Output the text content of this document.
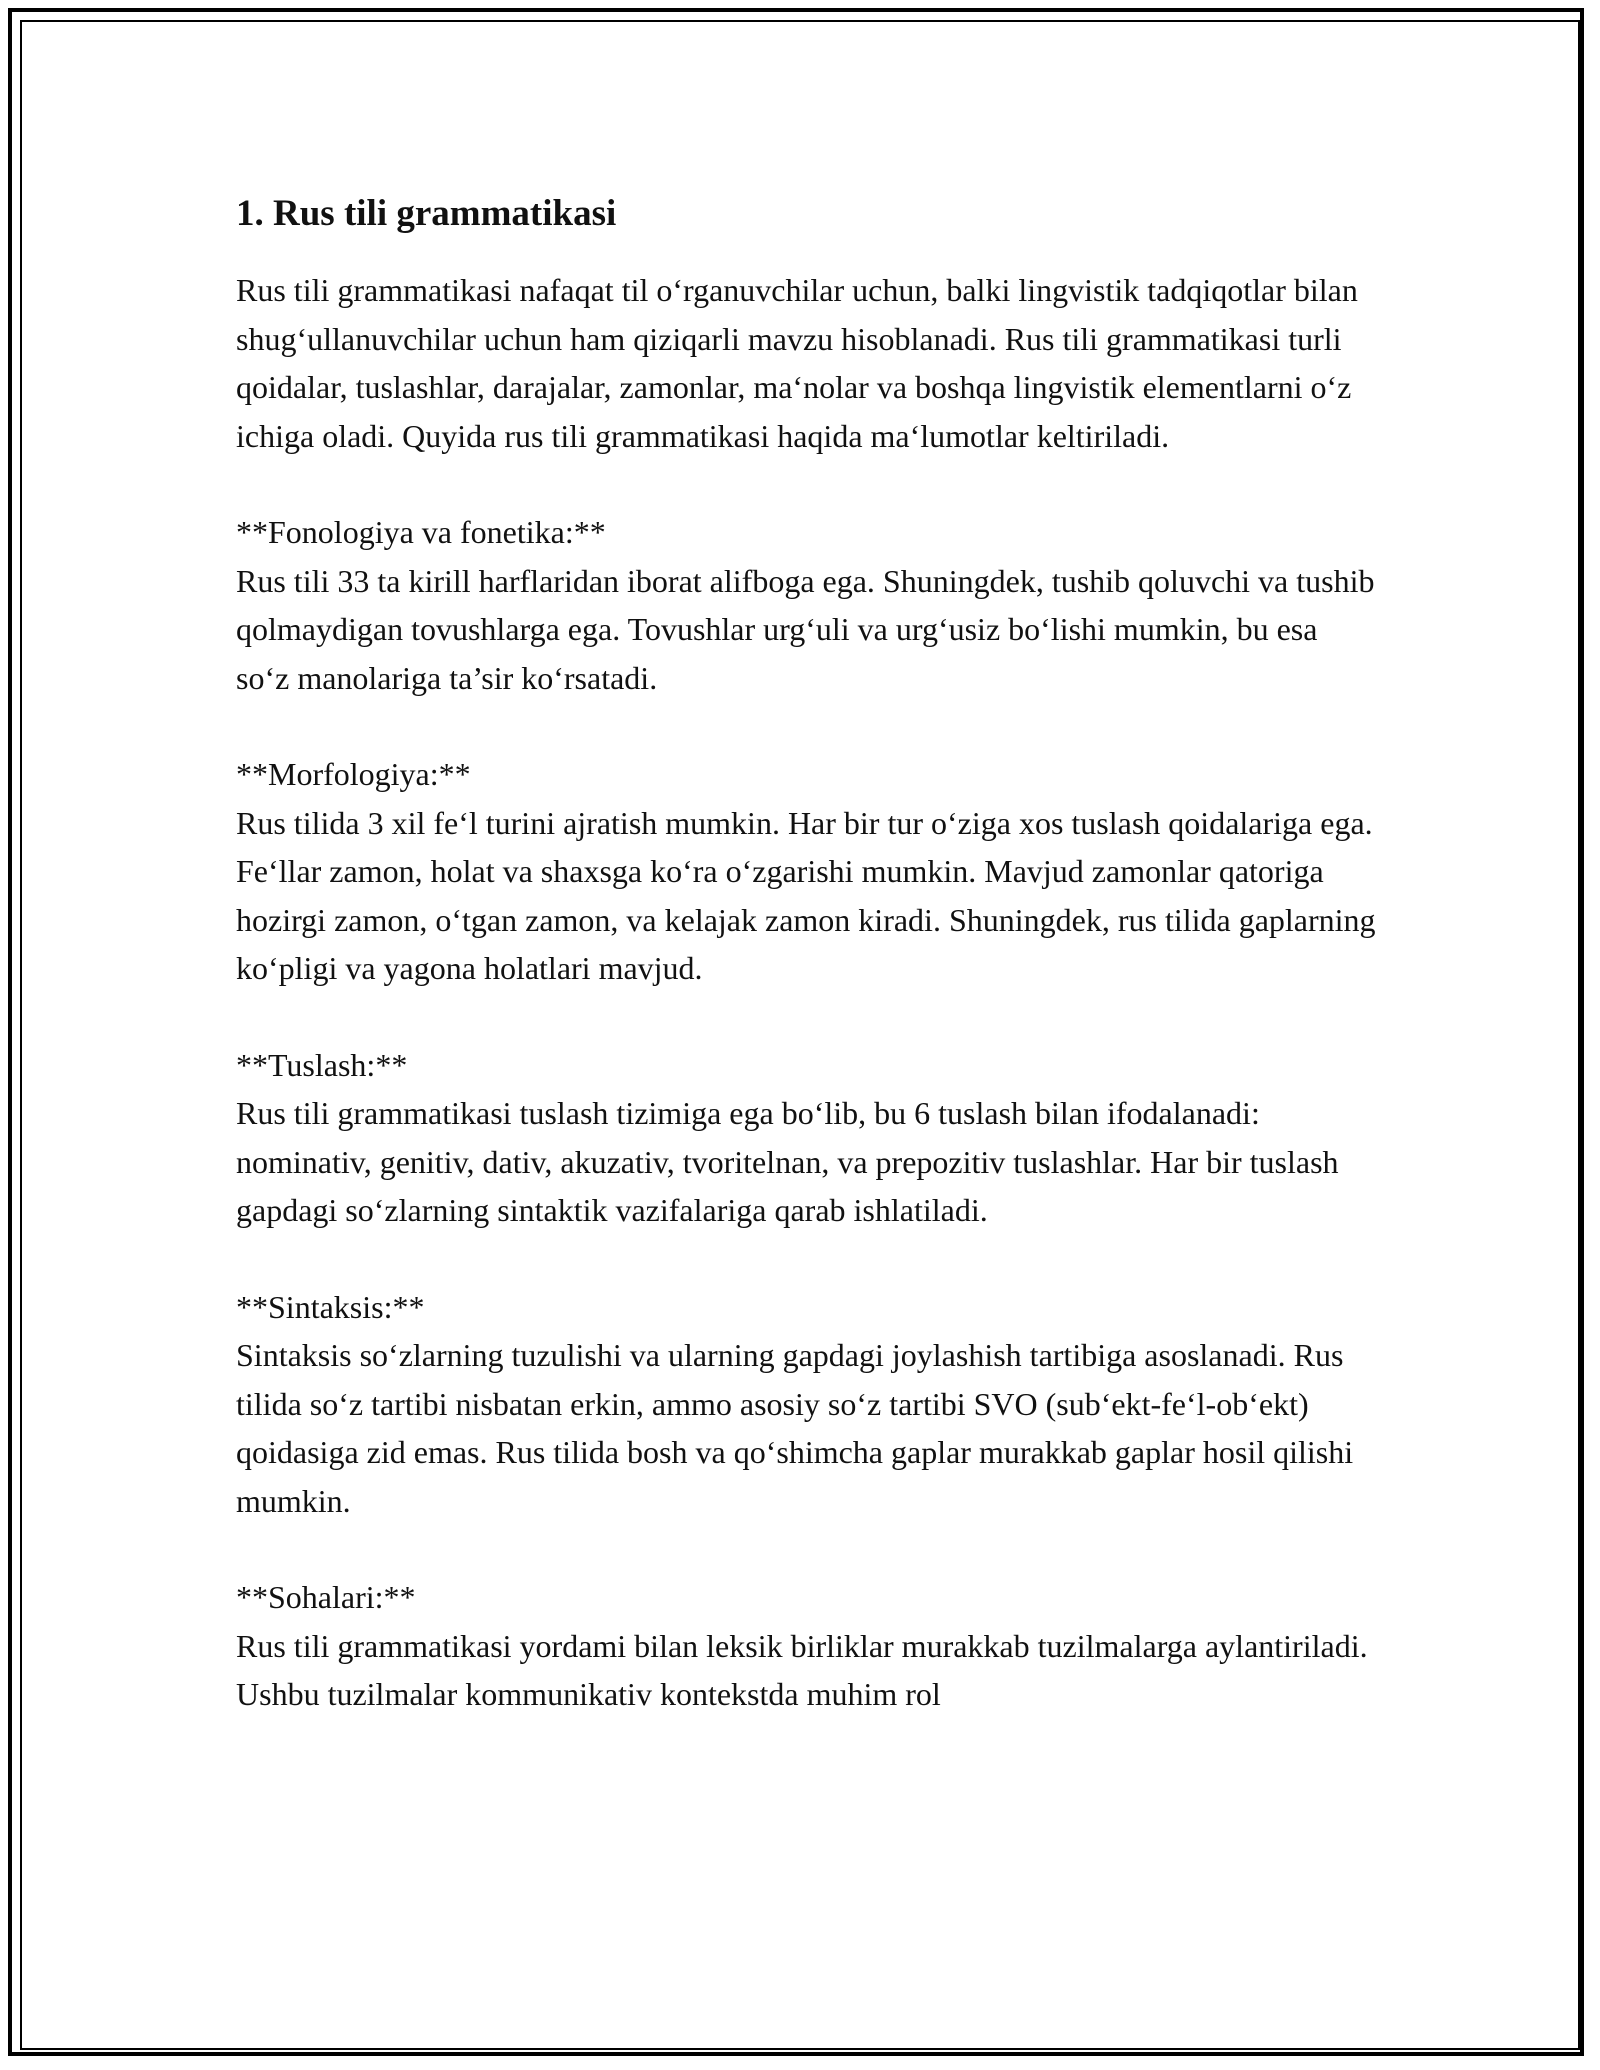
1. Rus tili grammatikasi

Rus tili grammatikasi nafaqat til o‘rganuvchilar uchun, balki lingvistik tadqiqotlar bilan shug‘ullanuvchilar uchun ham qiziqarli mavzu hisoblanadi. Rus tili grammatikasi turli qoidalar, tuslashlar, darajalar, zamonlar, ma‘nolar va boshqa lingvistik elementlarni o‘z ichiga oladi. Quyida rus tili grammatikasi haqida ma‘lumotlar keltiriladi.

**Fonologiya va fonetika:**

Rus tili 33 ta kirill harflaridan iborat alifboga ega. Shuningdek, tushib qoluvchi va tushib qolmaydigan tovushlarga ega. Tovushlar urg‘uli va urg‘usiz bo‘lishi mumkin, bu esa so‘z manolariga ta’sir ko‘rsatadi.

**Morfologiya:**

Rus tilida 3 xil fe‘l turini ajratish mumkin. Har bir tur o‘ziga xos tuslash qoidalariga ega. Fe‘llar zamon, holat va shaxsga ko‘ra o‘zgarishi mumkin. Mavjud zamonlar qatoriga hozirgi zamon, o‘tgan zamon, va kelajak zamon kiradi. Shuningdek, rus tilida gaplarning ko‘pligi va yagona holatlari mavjud.

**Tuslash:**

Rus tili grammatikasi tuslash tizimiga ega bo‘lib, bu 6 tuslash bilan ifodalanadi: nominativ, genitiv, dativ, akuzativ, tvoritelnan, va prepozitiv tuslashlar. Har bir tuslash gapdagi so‘zlarning sintaktik vazifalariga qarab ishlatiladi.

**Sintaksis:**

Sintaksis so‘zlarning tuzulishi va ularning gapdagi joylashish tartibiga asoslanadi. Rus tilida so‘z tartibi nisbatan erkin, ammo asosiy so‘z tartibi SVO (sub‘ekt-fe‘l-ob‘ekt) qoidasiga zid emas. Rus tilida bosh va qo‘shimcha gaplar murakkab gaplar hosil qilishi mumkin.

**Sohalari:**

Rus tili grammatikasi yordami bilan leksik birliklar murakkab tuzilmalarga aylantiriladi. Ushbu tuzilmalar kommunikativ kontekstda muhim rol
